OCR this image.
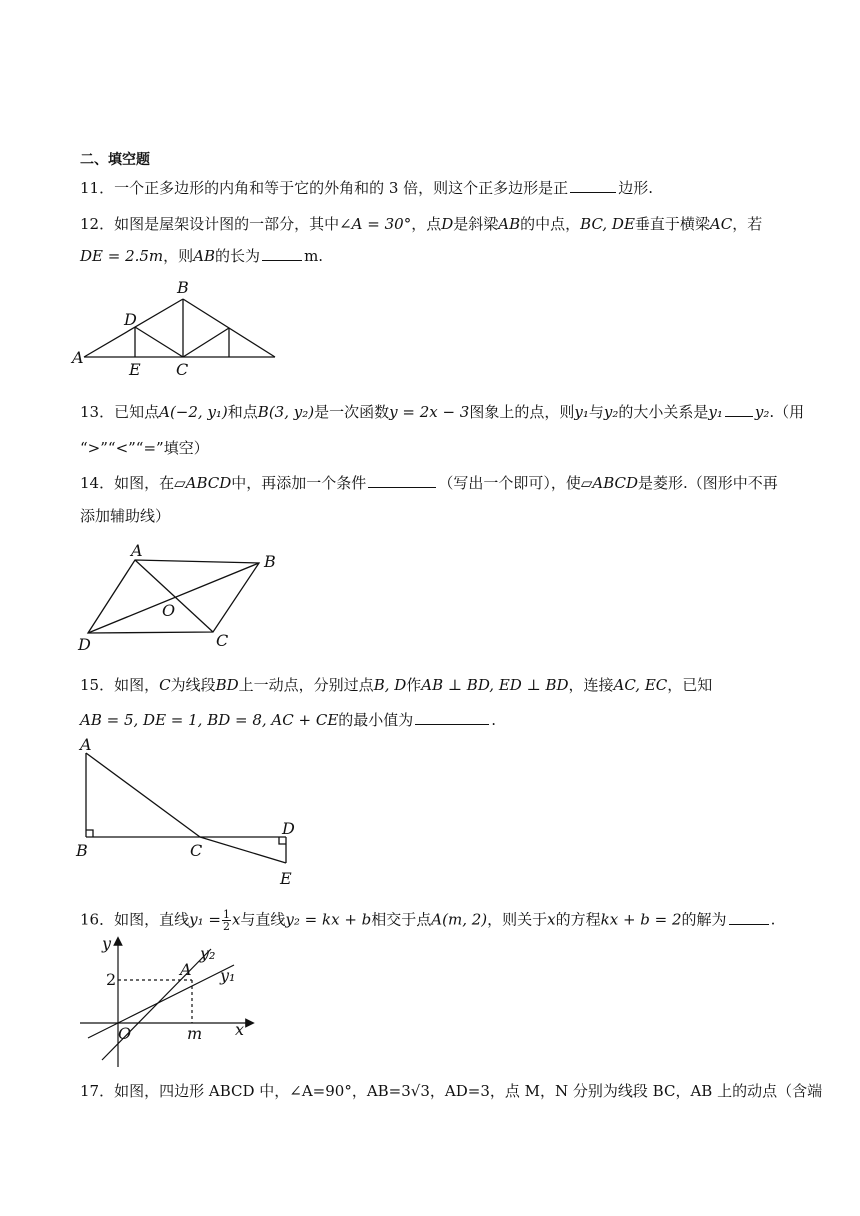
二、填空题
11．一个正多边形的内角和等于它的外角和的 3 倍，则这个正多边形是正	边形.
12．如图是屋架设计图的一部分，其中∠A = 30°，点D是斜梁AB的中点，BC, DE垂直于横梁AC，若
DE = 2.5m，则AB的长为	m.
A
B
D
E C
13．已知点A(−2, y₁)和点B(3, y₂)是一次函数y = 2x − 3图象上的点，则y₁与y₂的大小关系是y₁ y₂.（用
“>”“<”“=”填空）
14．如图，在▱ABCD中，再添加一个条件	（写出一个即可），使▱ABCD是菱形.（图形中不再
添加辅助线）
A
B
C
D
O
15．如图，C为线段BD上一动点，分别过点B, D作AB ⊥ BD, ED ⊥ BD，连接AC, EC，已知
AB = 5, DE = 1, BD = 8, AC + CE的最小值为	.
A
B	C
D
E
16．如图，直线$y_1 = \frac{1}{2}$ x与直线y₂ = kx + b相交于点A(m, 2)，则关于x的方程kx + b = 2的解为	.
y
2
A
y₂
y₁
O	m x
17．如图，四边形 ABCD 中，∠A=90°，AB=3√3，AD=3，点 M，N 分别为线段 BC，AB 上的动点（含端
